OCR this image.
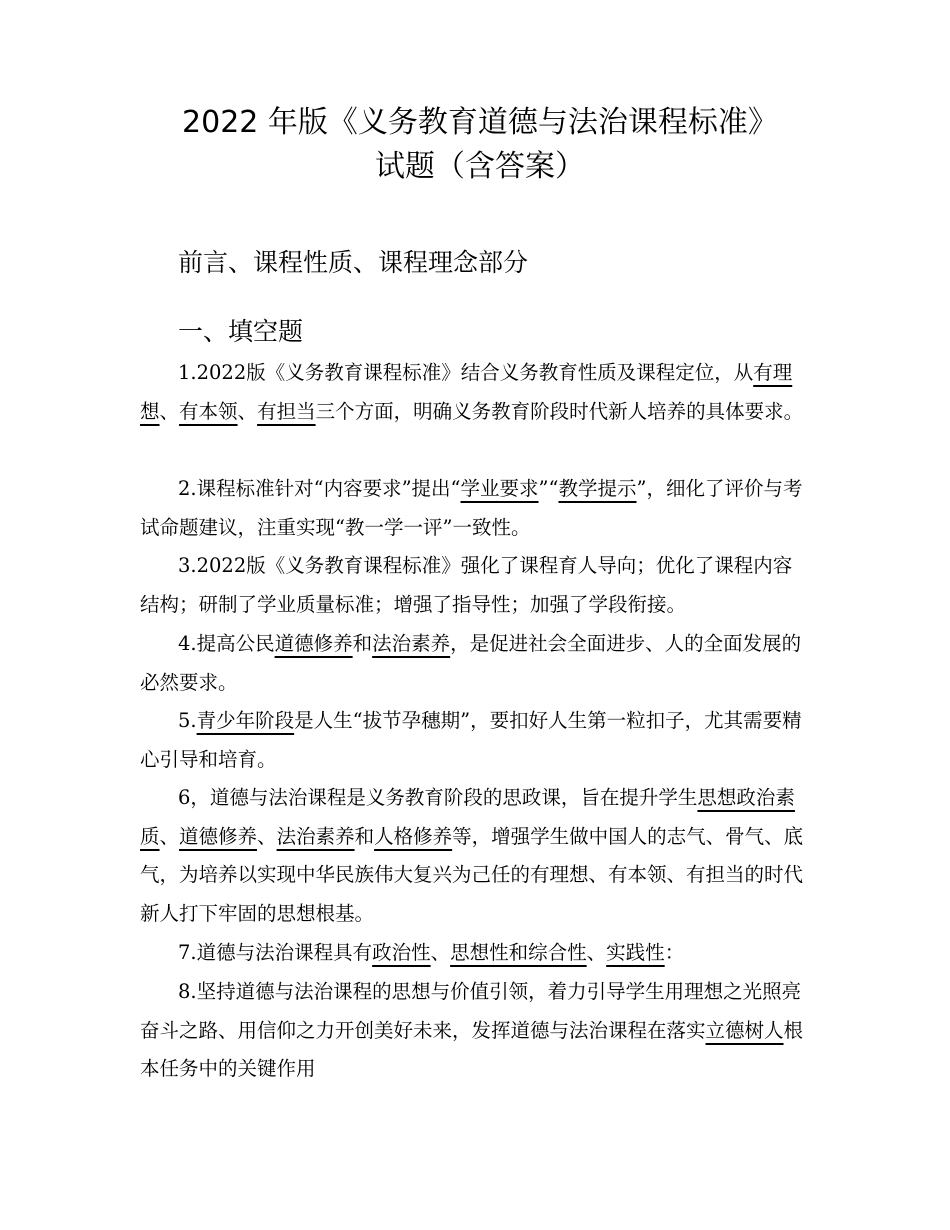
2022 年版《义务教育道德与法治课程标准》
试题（含答案）
前言、课程性质、课程理念部分
一、填空题

1.2022版《义务教育课程标准》结合义务教育性质及课程定位，从有理想、有本领、有担当三个方面，明确义务教育阶段时代新人培养的具体要求。

2.课程标准针对“内容要求”提出“学业要求”“教学提示”，细化了评价与考试命题建议，注重实现“教一学一评”一致性。

3.2022版《义务教育课程标准》强化了课程育人导向；优化了课程内容结构；研制了学业质量标准；增强了指导性；加强了学段衔接。

4.提高公民道德修养和法治素养，是促进社会全面进步、人的全面发展的必然要求。

5.青少年阶段是人生“拔节孕穗期”，要扣好人生第一粒扣子，尤其需要精心引导和培育。

6，道德与法治课程是义务教育阶段的思政课，旨在提升学生思想政治素质、道德修养、法治素养和人格修养等，增强学生做中国人的志气、骨气、底气，为培养以实现中华民族伟大复兴为己任的有理想、有本领、有担当的时代新人打下牢固的思想根基。

7.道德与法治课程具有政治性、思想性和综合性、实践性：

8.坚持道德与法治课程的思想与价值引领，着力引导学生用理想之光照亮奋斗之路、用信仰之力开创美好未来，发挥道德与法治课程在落实立德树人根本任务中的关键作用
